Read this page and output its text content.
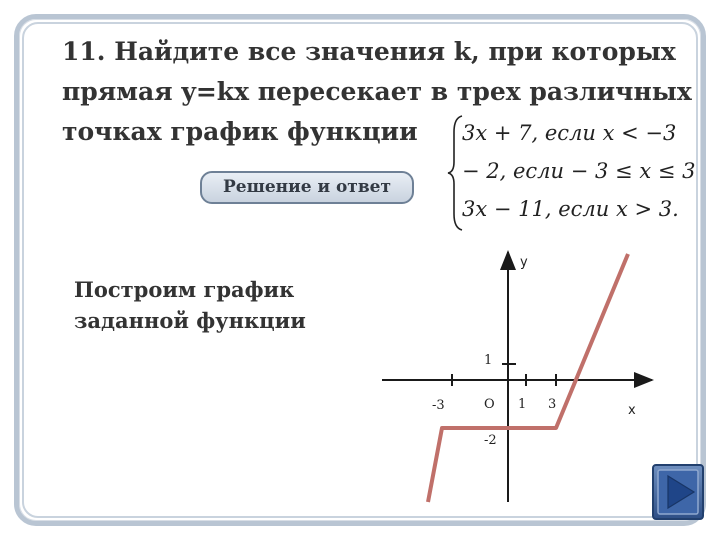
11. Найдите все значения k, при которых
прямая y=kx пересекает в трех различных
точках график функции	3x + 7, если x < −3
− 2, если − 3 ≤ x ≤ 3
3x − 11, если x > 3.
Решение и ответ
Построим график
заданной функции
y
x
O
-3	1 3
1
-2
